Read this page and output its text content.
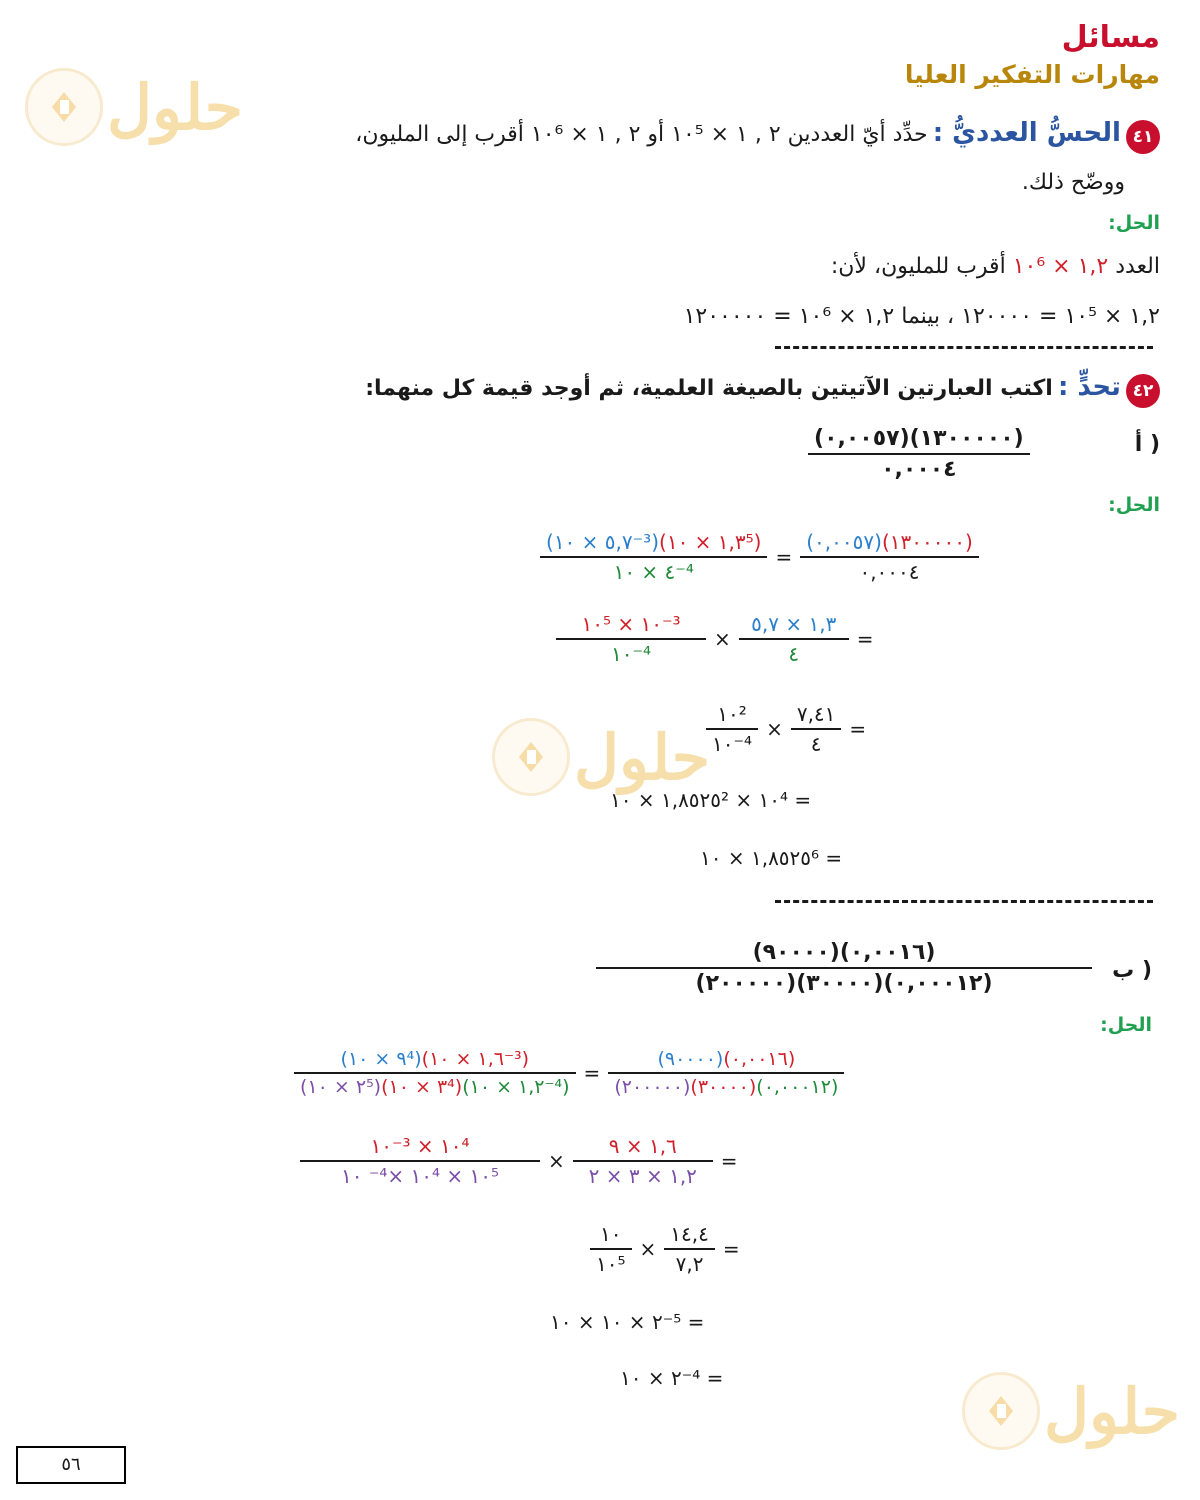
مسائل
مهارات التفكير العليا
حلول
حلول
حلول
٤١ الحسُّ العدديُّ : حدِّد أيّ العددين ٢ , ١ × ١٠⁵ أو ٢ , ١ × ١٠⁶ أقرب إلى المليون،
ووضّح ذلك.
الحل:
العدد ١,٢ × ١٠⁶ أقرب للمليون، لأن:
١,٢ × ١٠⁵ = ١٢٠٠٠٠ ، بينما ١,٢ × ١٠⁶ = ١٢٠٠٠٠٠
٤٢ تحدٍّ : اكتب العبارتين الآتيتين بالصيغة العلمية، ثم أوجد قيمة كل منهما:
أ )
$\frac{(٠,٠٠٥٧)(١٣٠٠٠٠٠)}{٠,٠٠٠٤}$
الحل:
$\frac{\text{(٥,٧ × ١٠⁻³)(١,٣ × ١٠⁵)}}{\text{٤ × ١٠⁻⁴}} = \frac{(٠,٠٠٥٧)(١٣٠٠٠٠٠)}{٠,٠٠٠٤}$
$\frac{\text{١٠⁵ × ١٠⁻³}}{\text{١٠⁻⁴}} \times \frac{١,٣ \times ٥,٧}{٤}$ =
$\frac{\text{١٠²}}{\text{١٠⁻⁴}} \times \frac{٧,٤١}{٤}$ =
١,٨٥٢٥ × ١٠² × ١٠⁴ =
١,٨٥٢٥ × ١٠⁶ =
ب )
$\frac{(٩٠٠٠٠)(٠,٠٠١٦)}{(٢٠٠٠٠٠)(٣٠٠٠٠)(٠,٠٠٠١٢)}$
الحل:
$\frac{\text{(٩ × ١٠⁴)(١,٦ × ١٠⁻³)}}{\text{(٢ × ١٠⁵)(٣ × ١٠⁴)(١,٢ × ١٠⁻⁴)}} = \frac{(٩٠٠٠٠)(٠,٠٠١٦)}{(٢٠٠٠٠٠)(٣٠٠٠٠)(٠,٠٠٠١٢)}$
$\frac{\text{١٠⁻³ × ١٠⁴}}{\text{١٠ ⁻⁴× ١٠⁴ × ١٠⁵}} \times \frac{١,٦ \times ٩}{١,٢ \times ٣ \times ٢}$ =
$\frac{١٠}{\text{١٠⁵}} \times \frac{١٤,٤}{٧,٢}$ =
٢ × ١٠ × ١٠⁻⁵ =
٢ × ١٠⁻⁴ =
٥٦
